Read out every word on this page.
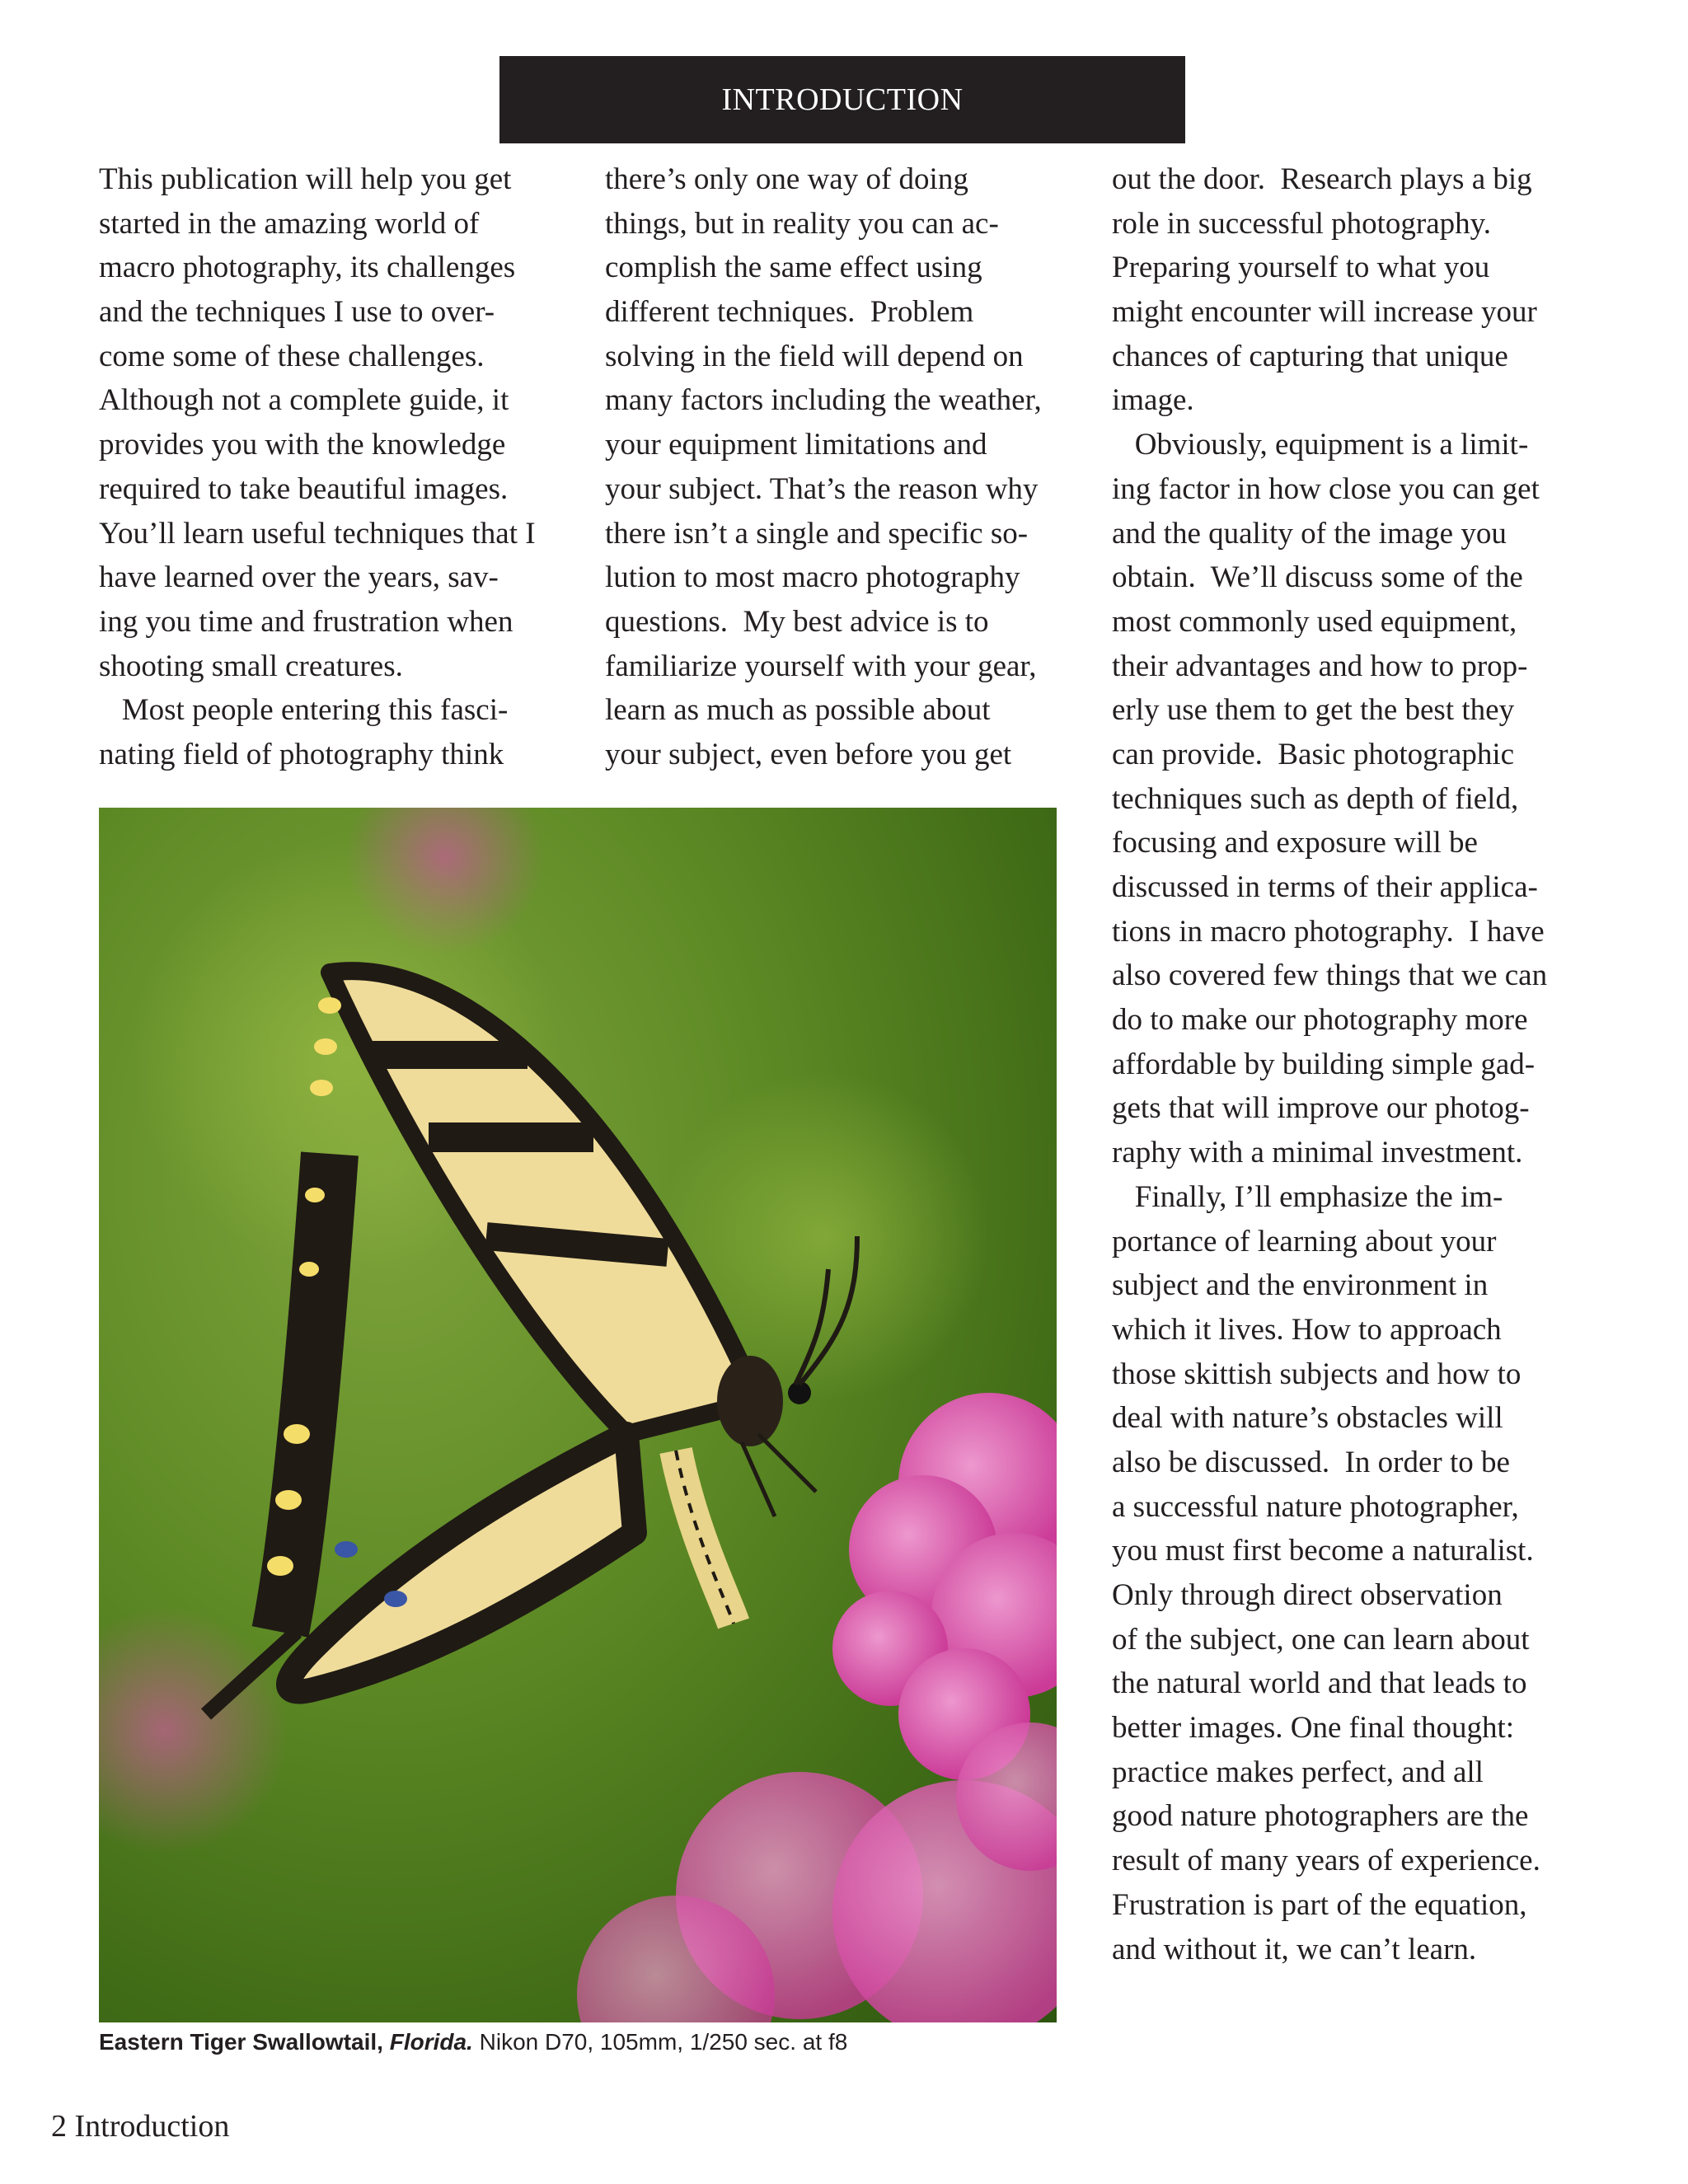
INTRODUCTION
This publication will help you get
started in the amazing world of
macro photography, its challenges
and the techniques I use to over-
come some of these challenges.
Although not a complete guide, it
provides you with the knowledge
required to take beautiful images.
You’ll learn useful techniques that I
have learned over the years, sav-
ing you time and frustration when
shooting small creatures.
Most people entering this fasci-
nating field of photography think
there’s only one way of doing
things, but in reality you can ac-
complish the same effect using
different techniques.  Problem
solving in the field will depend on
many factors including the weather,
your equipment limitations and
your subject. That’s the reason why
there isn’t a single and specific so-
lution to most macro photography
questions.  My best advice is to
familiarize yourself with your gear,
learn as much as possible about
your subject, even before you get
out the door.  Research plays a big
role in successful photography.
Preparing yourself to what you
might encounter will increase your
chances of capturing that unique
image.
Obviously, equipment is a limit-
ing factor in how close you can get
and the quality of the image you
obtain.  We’ll discuss some of the
most commonly used equipment,
their advantages and how to prop-
erly use them to get the best they
can provide.  Basic photographic
techniques such as depth of field,
focusing and exposure will be
discussed in terms of their applica-
tions in macro photography.  I have
also covered few things that we can
do to make our photography more
affordable by building simple gad-
gets that will improve our photog-
raphy with a minimal investment.
Finally, I’ll emphasize the im-
portance of learning about your
subject and the environment in
which it lives. How to approach
those skittish subjects and how to
deal with nature’s obstacles will
also be discussed.  In order to be
a successful nature photographer,
you must first become a naturalist.
Only through direct observation
of the subject, one can learn about
the natural world and that leads to
better images. One final thought:
practice makes perfect, and all
good nature photographers are the
result of many years of experience.
Frustration is part of the equation,
and without it, we can’t learn.
Eastern Tiger Swallowtail, Florida. Nikon D70, 105mm, 1/250 sec. at f8
2 Introduction
